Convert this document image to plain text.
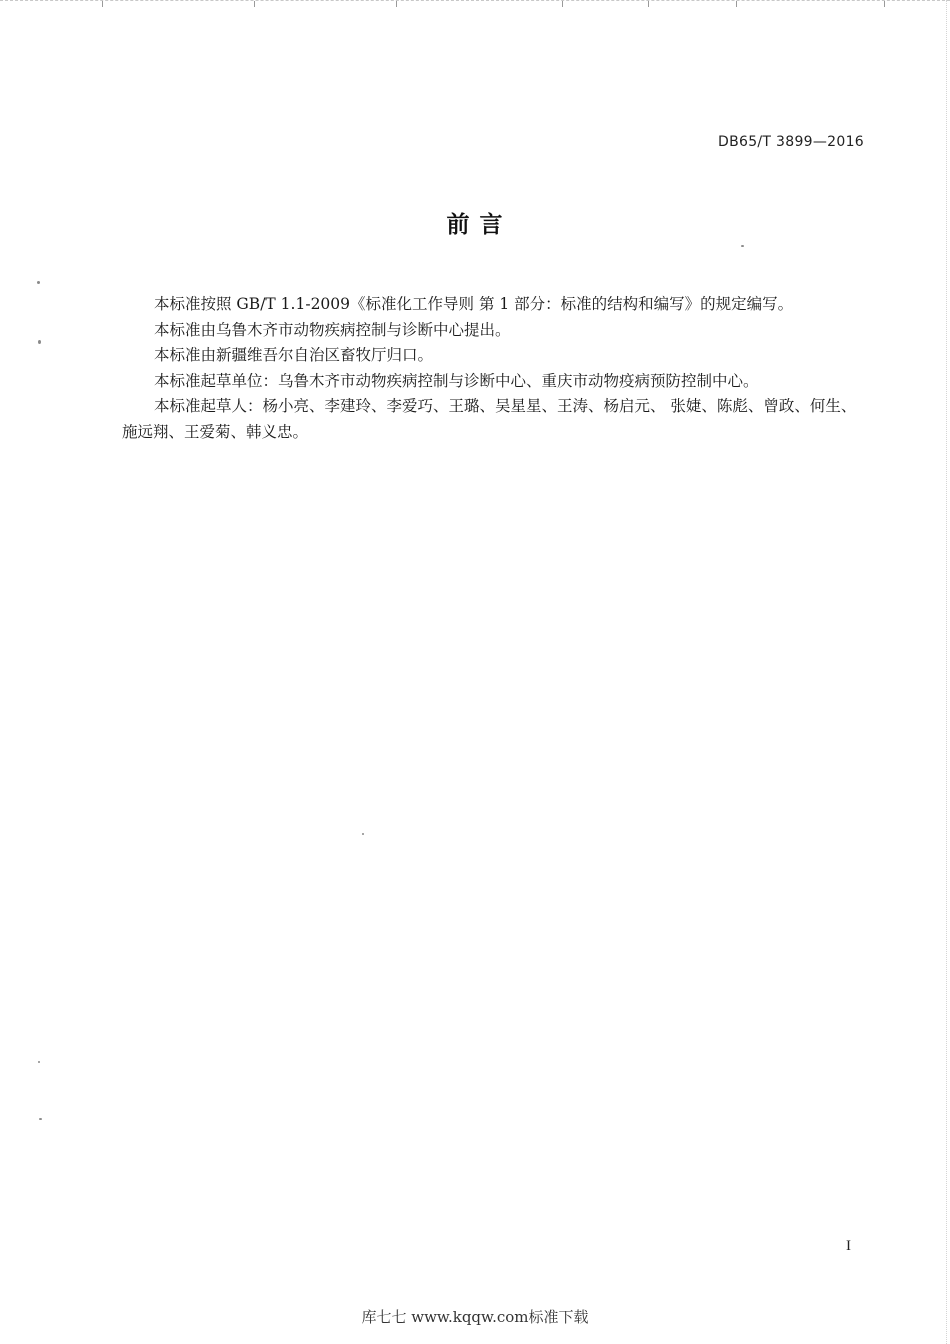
DB65/T 3899—2016
前 言

本标准按照 GB/T 1.1-2009《标准化工作导则 第 1 部分：标准的结构和编写》的规定编写。

本标准由乌鲁木齐市动物疾病控制与诊断中心提出。

本标准由新疆维吾尔自治区畜牧厅归口。

本标准起草单位：乌鲁木齐市动物疾病控制与诊断中心、重庆市动物疫病预防控制中心。

本标准起草人：杨小亮、李建玲、李爱巧、王璐、吴星星、王涛、杨启元、 张婕、陈彪、曾政、何生、施远翔、王爱菊、韩义忠。

I
库七七 www.kqqw.com标准下载
